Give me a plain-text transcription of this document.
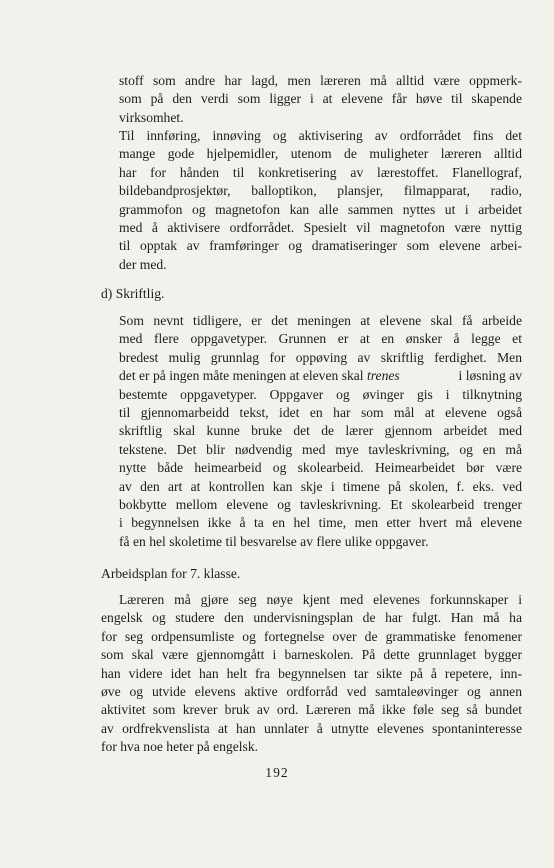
stoff som andre har lagd, men læreren må alltid være oppmerk-
som på den verdi som ligger i at elevene får høve til skapende
virksomhet.
Til innføring, innøving og aktivisering av ordforrådet fins det
mange gode hjelpemidler, utenom de muligheter læreren alltid
har for hånden til konkretisering av lærestoffet. Flanellograf,
bildebandprosjektør, balloptikon, plansjer, filmapparat, radio,
grammofon og magnetofon kan alle sammen nyttes ut i arbeidet
med å aktivisere ordforrådet. Spesielt vil magnetofon være nyttig
til opptak av framføringer og dramatiseringer som elevene arbei-
der med.
d) Skriftlig.
Som nevnt tidligere, er det meningen at elevene skal få arbeide
med flere oppgavetyper. Grunnen er at en ønsker å legge et
bredest mulig grunnlag for oppøving av skriftlig ferdighet. Men
det er på ingen måte meningen at eleven skal trenes	i løsning av
bestemte oppgavetyper. Oppgaver og øvinger gis i tilknytning
til gjennomarbeidd tekst, idet en har som mål at elevene også
skriftlig skal kunne bruke det de lærer gjennom arbeidet med
tekstene. Det blir nødvendig med mye tavleskrivning, og en må
nytte både heimearbeid og skolearbeid. Heimearbeidet bør være
av den art at kontrollen kan skje i timene på skolen, f. eks. ved
bokbytte mellom elevene og tavleskrivning. Et skolearbeid trenger
i begynnelsen ikke å ta en hel time, men etter hvert må elevene
få en hel skoletime til besvarelse av flere ulike oppgaver.
Arbeidsplan for 7. klasse.
Læreren må gjøre seg nøye kjent med elevenes forkunnskaper i
engelsk og studere den undervisningsplan de har fulgt. Han må ha
for seg ordpensumliste og fortegnelse over de grammatiske fenomener
som skal være gjennomgått i barneskolen. På dette grunnlaget bygger
han videre idet han helt fra begynnelsen tar sikte på å repetere, inn-
øve og utvide elevens aktive ordforråd ved samtaleøvinger og annen
aktivitet som krever bruk av ord. Læreren må ikke føle seg så bundet
av ordfrekvenslista at han unnlater å utnytte elevenes spontaninteresse
for hva noe heter på engelsk.
192
